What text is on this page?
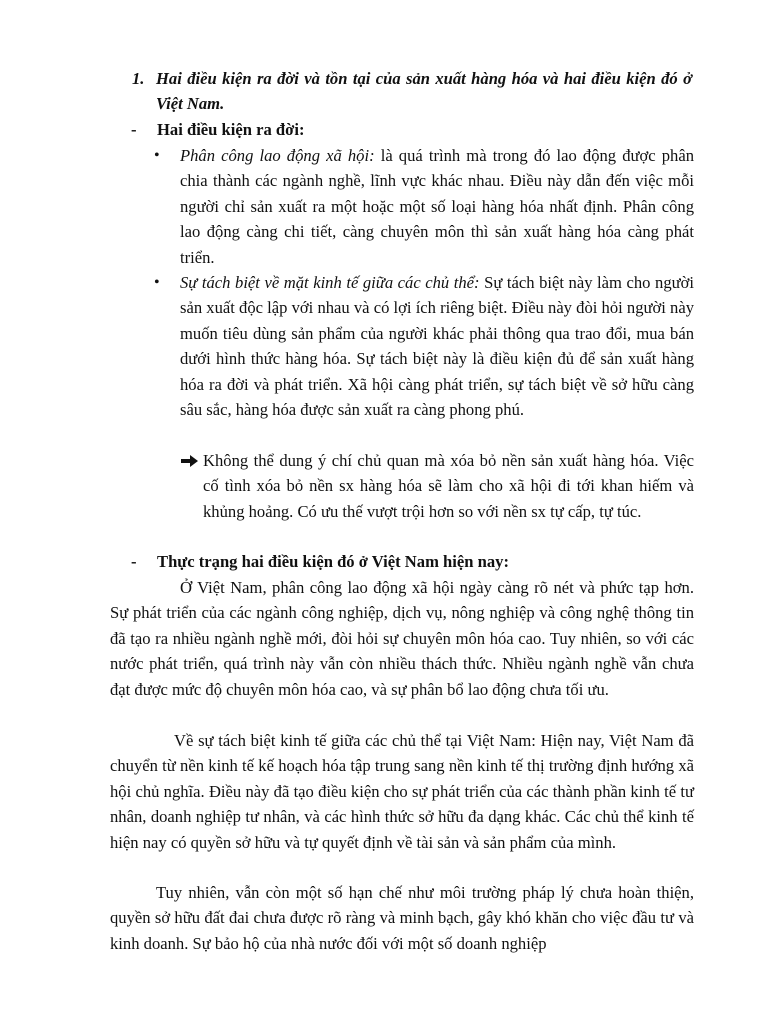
1. Hai điều kiện ra đời và tồn tại của sản xuất hàng hóa và hai điều kiện đó ở Việt Nam.
- Hai điều kiện ra đời:
• Phân công lao động xã hội: là quá trình mà trong đó lao động được phân chia thành các ngành nghề, lĩnh vực khác nhau. Điều này dẫn đến việc mỗi người chỉ sản xuất ra một hoặc một số loại hàng hóa nhất định. Phân công lao động càng chi tiết, càng chuyên môn thì sản xuất hàng hóa càng phát triển.
• Sự tách biệt về mặt kinh tế giữa các chủ thể: Sự tách biệt này làm cho người sản xuất độc lập với nhau và có lợi ích riêng biệt. Điều này đòi hỏi người này muốn tiêu dùng sản phẩm của người khác phải thông qua trao đổi, mua bán dưới hình thức hàng hóa. Sự tách biệt này là điều kiện đủ để sản xuất hàng hóa ra đời và phát triển. Xã hội càng phát triển, sự tách biệt về sở hữu càng sâu sắc, hàng hóa được sản xuất ra càng phong phú.
Không thể dung ý chí chủ quan mà xóa bỏ nền sản xuất hàng hóa. Việc cố tình xóa bỏ nền sx hàng hóa sẽ làm cho xã hội đi tới khan hiếm và khủng hoảng. Có ưu thế vượt trội hơn so với nền sx tự cấp, tự túc.
- Thực trạng hai điều kiện đó ở Việt Nam hiện nay:
Ở Việt Nam, phân công lao động xã hội ngày càng rõ nét và phức tạp hơn. Sự phát triển của các ngành công nghiệp, dịch vụ, nông nghiệp và công nghệ thông tin đã tạo ra nhiều ngành nghề mới, đòi hỏi sự chuyên môn hóa cao. Tuy nhiên, so với các nước phát triển, quá trình này vẫn còn nhiều thách thức. Nhiều ngành nghề vẫn chưa đạt được mức độ chuyên môn hóa cao, và sự phân bổ lao động chưa tối ưu.
Về sự tách biệt kinh tế giữa các chủ thể tại Việt Nam: Hiện nay, Việt Nam đã chuyển từ nền kinh tế kế hoạch hóa tập trung sang nền kinh tế thị trường định hướng xã hội chủ nghĩa. Điều này đã tạo điều kiện cho sự phát triển của các thành phần kinh tế tư nhân, doanh nghiệp tư nhân, và các hình thức sở hữu đa dạng khác. Các chủ thể kinh tế hiện nay có quyền sở hữu và tự quyết định về tài sản và sản phẩm của mình.
Tuy nhiên, vẫn còn một số hạn chế như môi trường pháp lý chưa hoàn thiện, quyền sở hữu đất đai chưa được rõ ràng và minh bạch, gây khó khăn cho việc đầu tư và kinh doanh. Sự bảo hộ của nhà nước đối với một số doanh nghiệp
